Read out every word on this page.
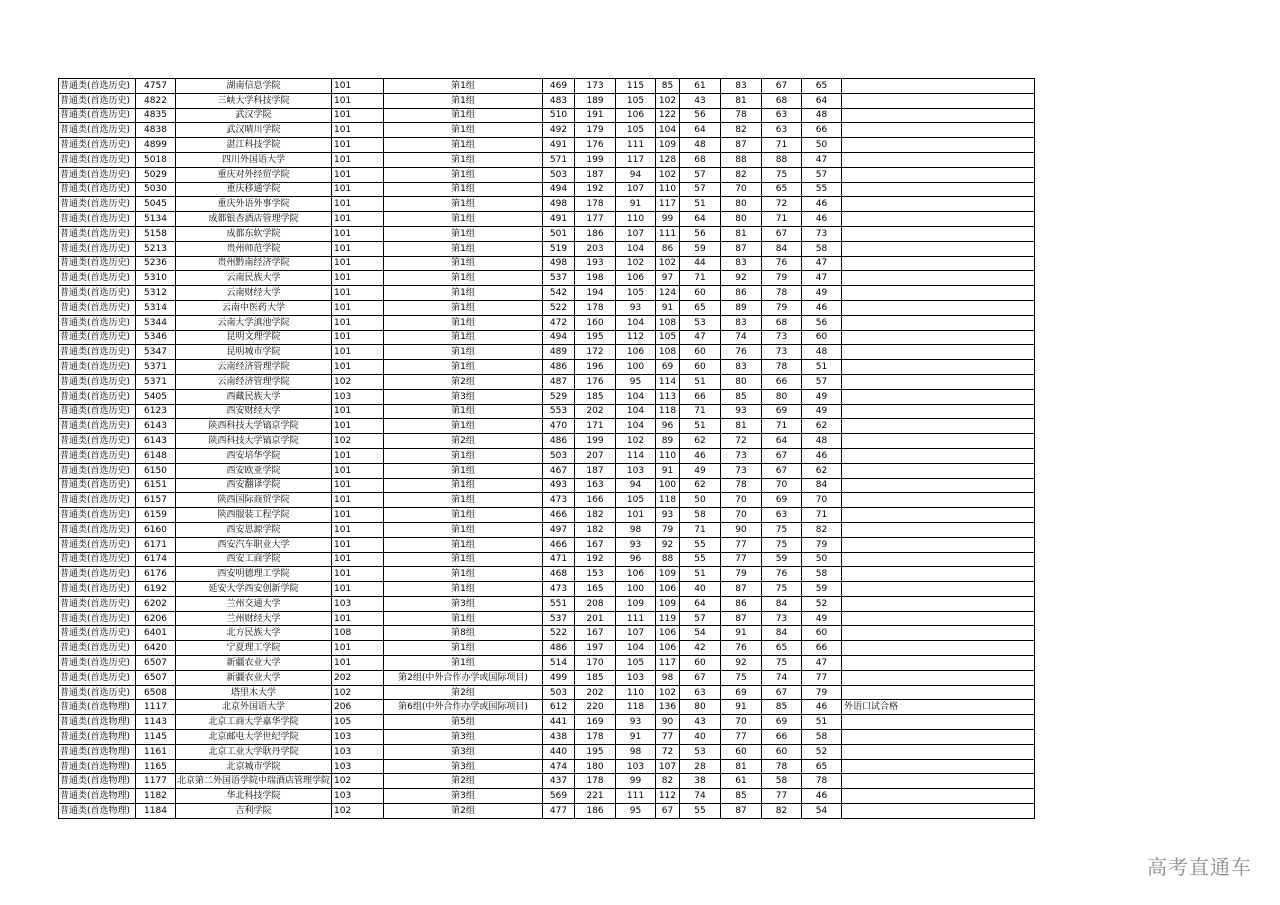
普通类(首选历史)	4757	湖南信息学院	101	第1组	469	173	115	85	61	83	67	65	
普通类(首选历史)	4822	三峡大学科技学院	101	第1组	483	189	105	102	43	81	68	64	
普通类(首选历史)	4835	武汉学院	101	第1组	510	191	106	122	56	78	63	48	
普通类(首选历史)	4838	武汉晴川学院	101	第1组	492	179	105	104	64	82	63	66	
普通类(首选历史)	4899	湛江科技学院	101	第1组	491	176	111	109	48	87	71	50	
普通类(首选历史)	5018	四川外国语大学	101	第1组	571	199	117	128	68	88	88	47	
普通类(首选历史)	5029	重庆对外经贸学院	101	第1组	503	187	94	102	57	82	75	57	
普通类(首选历史)	5030	重庆移通学院	101	第1组	494	192	107	110	57	70	65	55	
普通类(首选历史)	5045	重庆外语外事学院	101	第1组	498	178	91	117	51	80	72	46	
普通类(首选历史)	5134	成都银杏酒店管理学院	101	第1组	491	177	110	99	64	80	71	46	
普通类(首选历史)	5158	成都东软学院	101	第1组	501	186	107	111	56	81	67	73	
普通类(首选历史)	5213	贵州师范学院	101	第1组	519	203	104	86	59	87	84	58	
普通类(首选历史)	5236	贵州黔南经济学院	101	第1组	498	193	102	102	44	83	76	47	
普通类(首选历史)	5310	云南民族大学	101	第1组	537	198	106	97	71	92	79	47	
普通类(首选历史)	5312	云南财经大学	101	第1组	542	194	105	124	60	86	78	49	
普通类(首选历史)	5314	云南中医药大学	101	第1组	522	178	93	91	65	89	79	46	
普通类(首选历史)	5344	云南大学滇池学院	101	第1组	472	160	104	108	53	83	68	56	
普通类(首选历史)	5346	昆明文理学院	101	第1组	494	195	112	105	47	74	73	60	
普通类(首选历史)	5347	昆明城市学院	101	第1组	489	172	106	108	60	76	73	48	
普通类(首选历史)	5371	云南经济管理学院	101	第1组	486	196	100	69	60	83	78	51	
普通类(首选历史)	5371	云南经济管理学院	102	第2组	487	176	95	114	51	80	66	57	
普通类(首选历史)	5405	西藏民族大学	103	第3组	529	185	104	113	66	85	80	49	
普通类(首选历史)	6123	西安财经大学	101	第1组	553	202	104	118	71	93	69	49	
普通类(首选历史)	6143	陕西科技大学镐京学院	101	第1组	470	171	104	96	51	81	71	62	
普通类(首选历史)	6143	陕西科技大学镐京学院	102	第2组	486	199	102	89	62	72	64	48	
普通类(首选历史)	6148	西安培华学院	101	第1组	503	207	114	110	46	73	67	46	
普通类(首选历史)	6150	西安欧亚学院	101	第1组	467	187	103	91	49	73	67	62	
普通类(首选历史)	6151	西安翻译学院	101	第1组	493	163	94	100	62	78	70	84	
普通类(首选历史)	6157	陕西国际商贸学院	101	第1组	473	166	105	118	50	70	69	70	
普通类(首选历史)	6159	陕西服装工程学院	101	第1组	466	182	101	93	58	70	63	71	
普通类(首选历史)	6160	西安思源学院	101	第1组	497	182	98	79	71	90	75	82	
普通类(首选历史)	6171	西安汽车职业大学	101	第1组	466	167	93	92	55	77	75	79	
普通类(首选历史)	6174	西安工商学院	101	第1组	471	192	96	88	55	77	59	50	
普通类(首选历史)	6176	西安明德理工学院	101	第1组	468	153	106	109	51	79	76	58	
普通类(首选历史)	6192	延安大学西安创新学院	101	第1组	473	165	100	106	40	87	75	59	
普通类(首选历史)	6202	兰州交通大学	103	第3组	551	208	109	109	64	86	84	52	
普通类(首选历史)	6206	兰州财经大学	101	第1组	537	201	111	119	57	87	73	49	
普通类(首选历史)	6401	北方民族大学	108	第8组	522	167	107	106	54	91	84	60	
普通类(首选历史)	6420	宁夏理工学院	101	第1组	486	197	104	106	42	76	65	66	
普通类(首选历史)	6507	新疆农业大学	101	第1组	514	170	105	117	60	92	75	47	
普通类(首选历史)	6507	新疆农业大学	202	第2组(中外合作办学或国际项目)	499	185	103	98	67	75	74	77	
普通类(首选历史)	6508	塔里木大学	102	第2组	503	202	110	102	63	69	67	79	
普通类(首选物理)	1117	北京外国语大学	206	第6组(中外合作办学或国际项目)	612	220	118	136	80	91	85	46	外语口试合格
普通类(首选物理)	1143	北京工商大学嘉华学院	105	第5组	441	169	93	90	43	70	69	51	
普通类(首选物理)	1145	北京邮电大学世纪学院	103	第3组	438	178	91	77	40	77	66	58	
普通类(首选物理)	1161	北京工业大学耿丹学院	103	第3组	440	195	98	72	53	60	60	52	
普通类(首选物理)	1165	北京城市学院	103	第3组	474	180	103	107	28	81	78	65	
普通类(首选物理)	1177	北京第二外国语学院中瑞酒店管理学院	102	第2组	437	178	99	82	38	61	58	78	
普通类(首选物理)	1182	华北科技学院	103	第3组	569	221	111	112	74	85	77	46	
普通类(首选物理)	1184	吉利学院	102	第2组	477	186	95	67	55	87	82	54	
高考直通车
